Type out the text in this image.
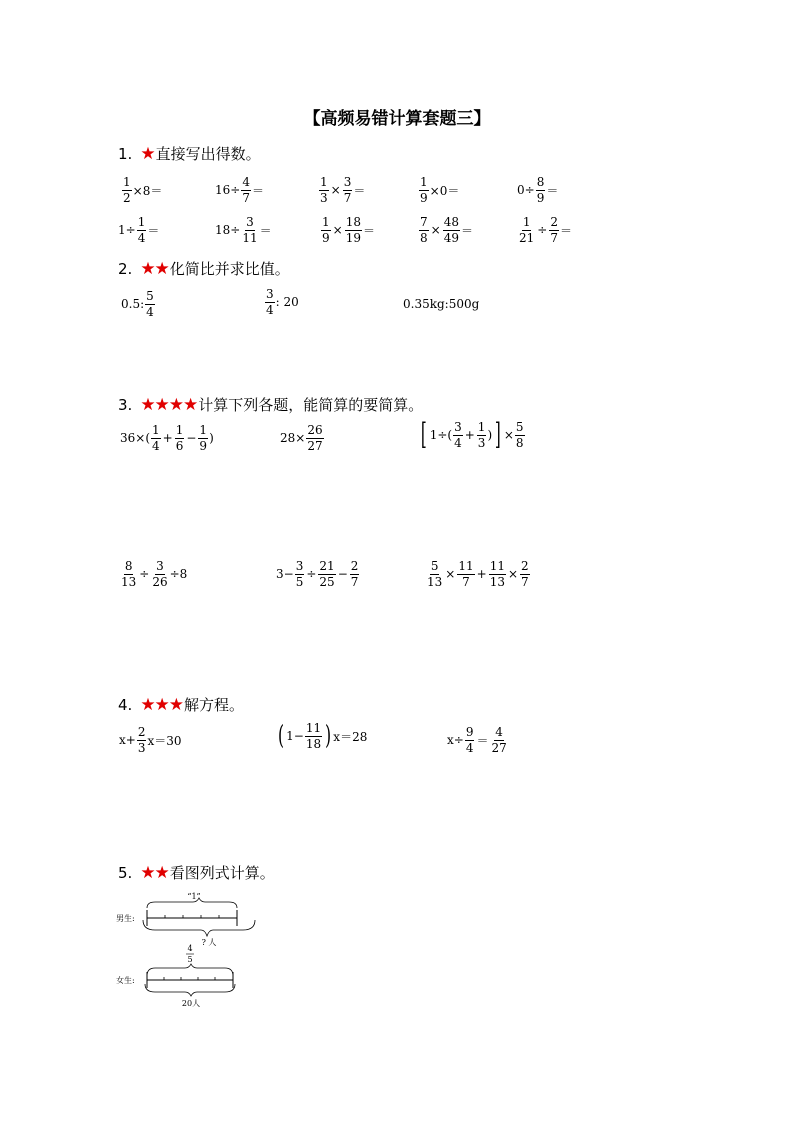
【高频易错计算套题三】
1. ★ 直接写出得数。
$\frac{1}{2} \times 8=$	$16\div \frac{4}{7}$ ＝	$\frac{1}{3} \times \frac{3}{7}$ ＝	$\frac{1}{9} \times 0=$	$0\div \frac{8}{9}$ ＝
$1\div \frac{1}{4}$ ＝	$18\div \frac{3}{11}$ ＝	$\frac{1}{9} \times \frac{18}{19}$ ＝	$\frac{7}{8} \times \frac{48}{49}$ ＝	$\frac{1}{21} \div \frac{2}{7}$ ＝
2. ★★ 化简比并求比值。
0.5: $\frac{5}{4}$	$\frac{3}{4}$ : 20	0.35kg:500g
3. ★★★★ 计算下列各题，能简算的要简算。
$36\times( \frac{1}{4} + \frac{1}{6} - \frac{1}{9}$ )	$28\times \frac{26}{27}$	[ $1\div( \frac{3}{4} + \frac{1}{3}$ ) ] × $\frac{5}{8}$
$\frac{8}{13} \div \frac{3}{26} \div 8$	$3- \frac{3}{5} \div \frac{21}{25} - \frac{2}{7}$	$\frac{5}{13} \times \frac{11}{7} + \frac{11}{13} \times \frac{2}{7}$
4. ★★★ 解方程。
$x+ \frac{2}{3} x=30$	( $1- \frac{11}{18}$ ) x＝28	$x\div \frac{9}{4} = \frac{4}{27}$
5. ★★ 看图列式计算。
“1”
男生:
? 人
4
5
女生:
20人
